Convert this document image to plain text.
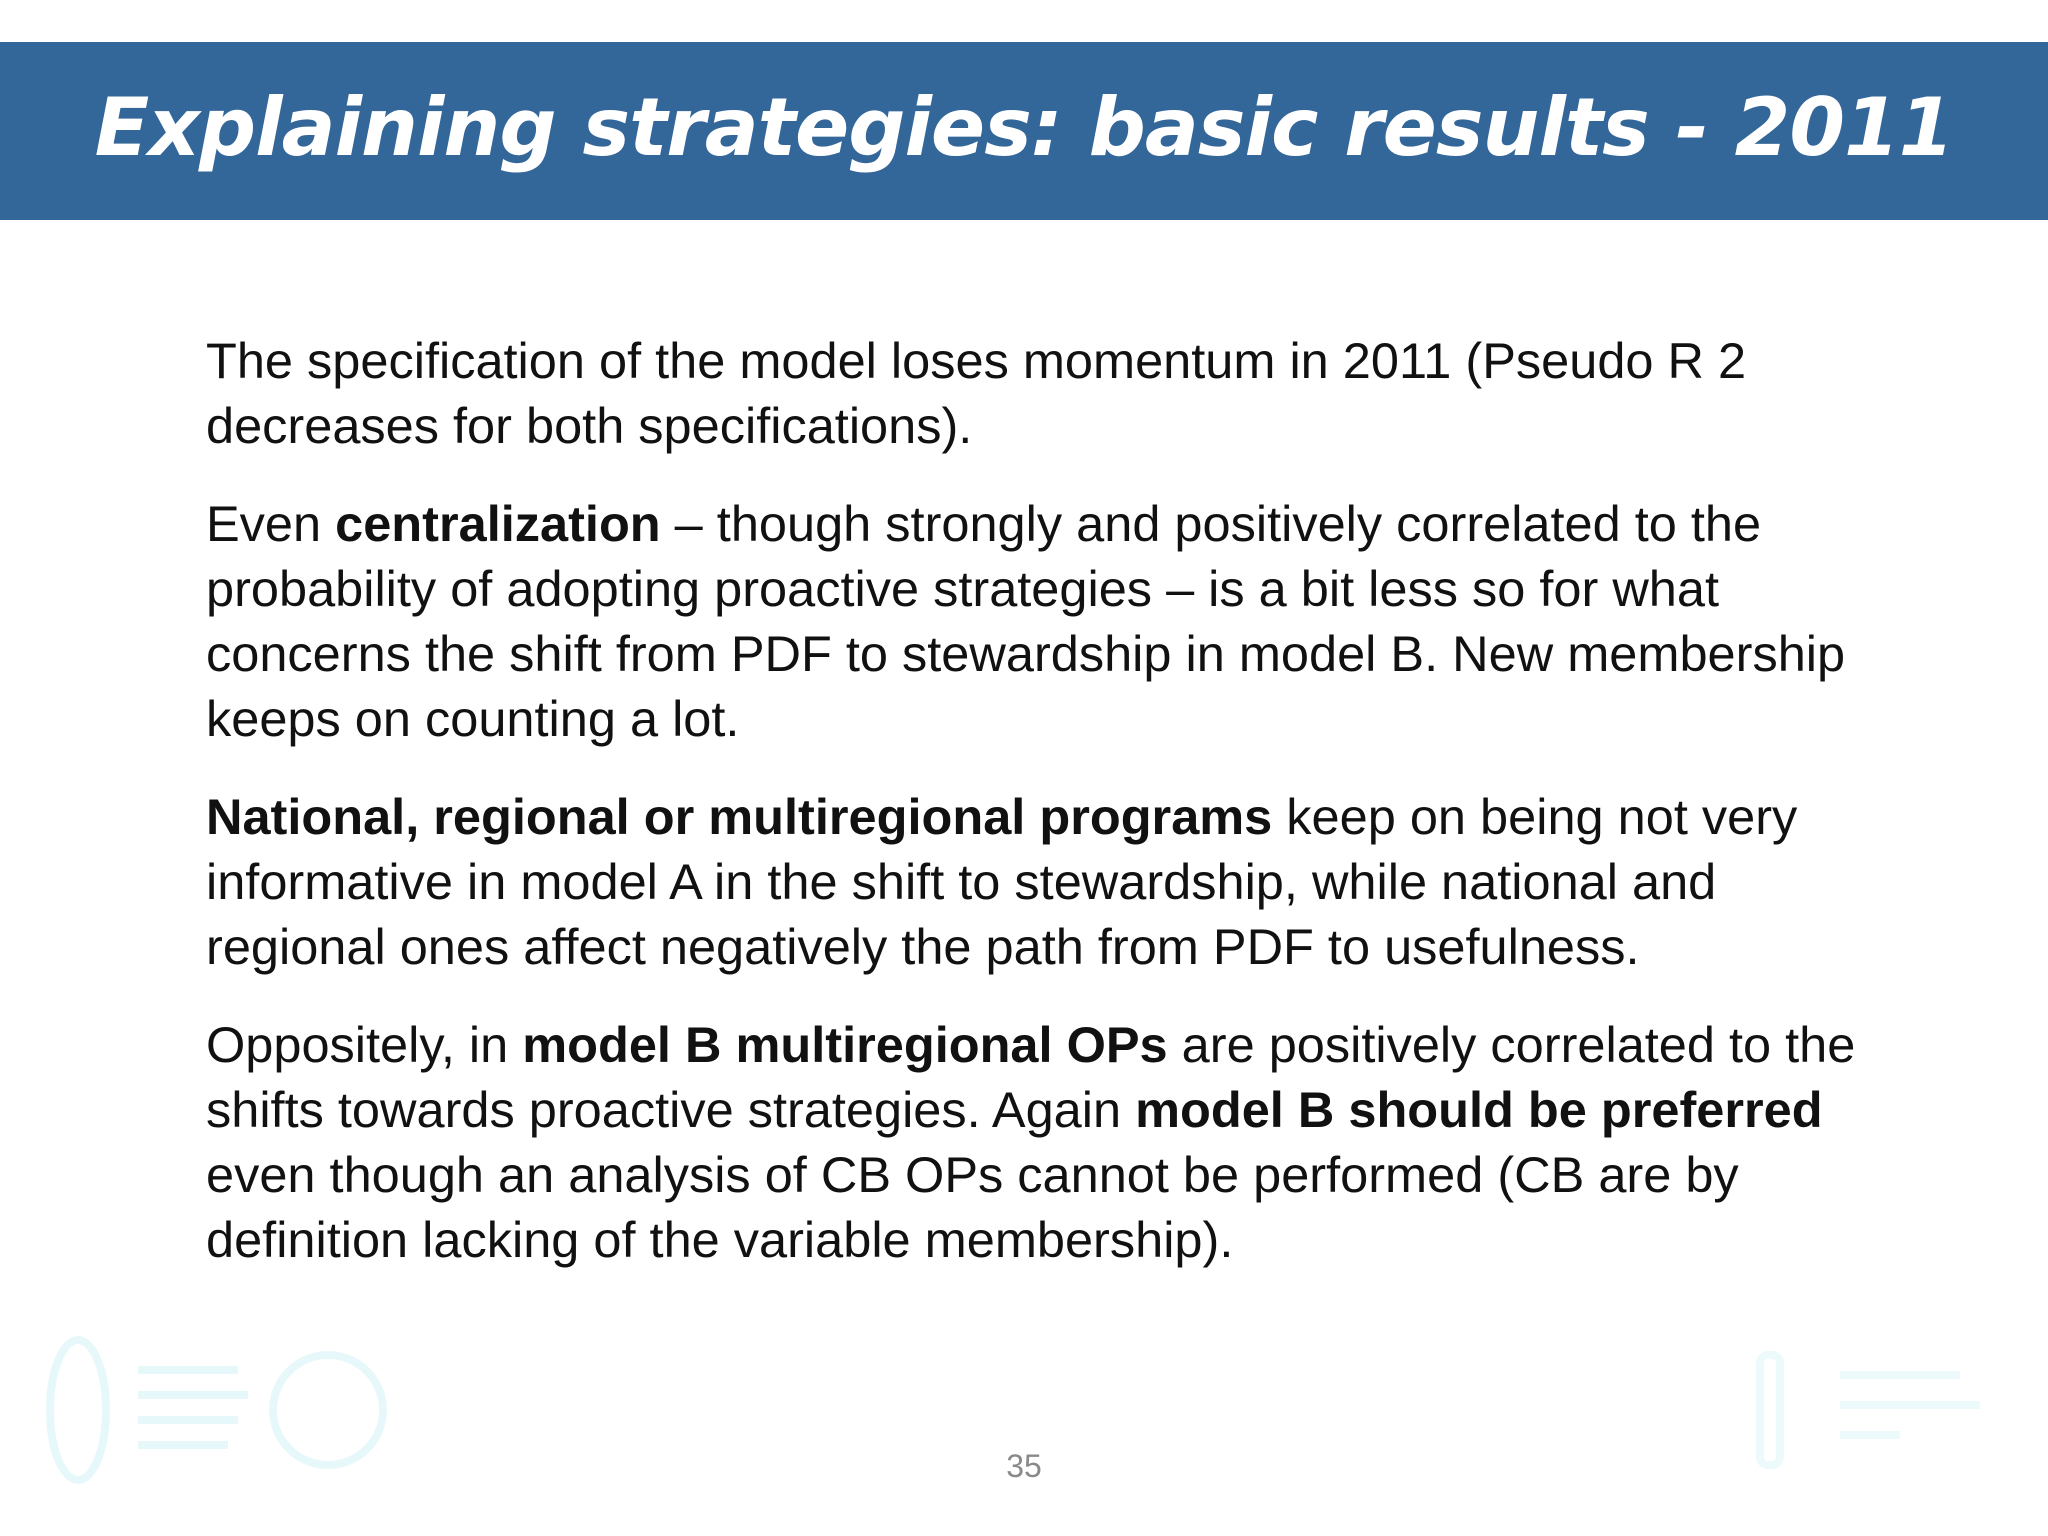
Explaining strategies: basic results - 2011

The specification of the model loses momentum in 2011 (Pseudo R 2 decreases for both specifications).

Even centralization – though strongly and positively correlated to the probability of adopting proactive strategies – is a bit less so for what concerns the shift from PDF to stewardship in model B. New membership keeps on counting a lot.

National, regional or multiregional programs keep on being not very informative in model A in the shift to stewardship, while national and regional ones affect negatively the path from PDF to usefulness.

Oppositely, in model B multiregional OPs are positively correlated to the shifts towards proactive strategies. Again model B should be preferred even though an analysis of CB OPs cannot be performed (CB are by definition lacking of the variable membership).

35
